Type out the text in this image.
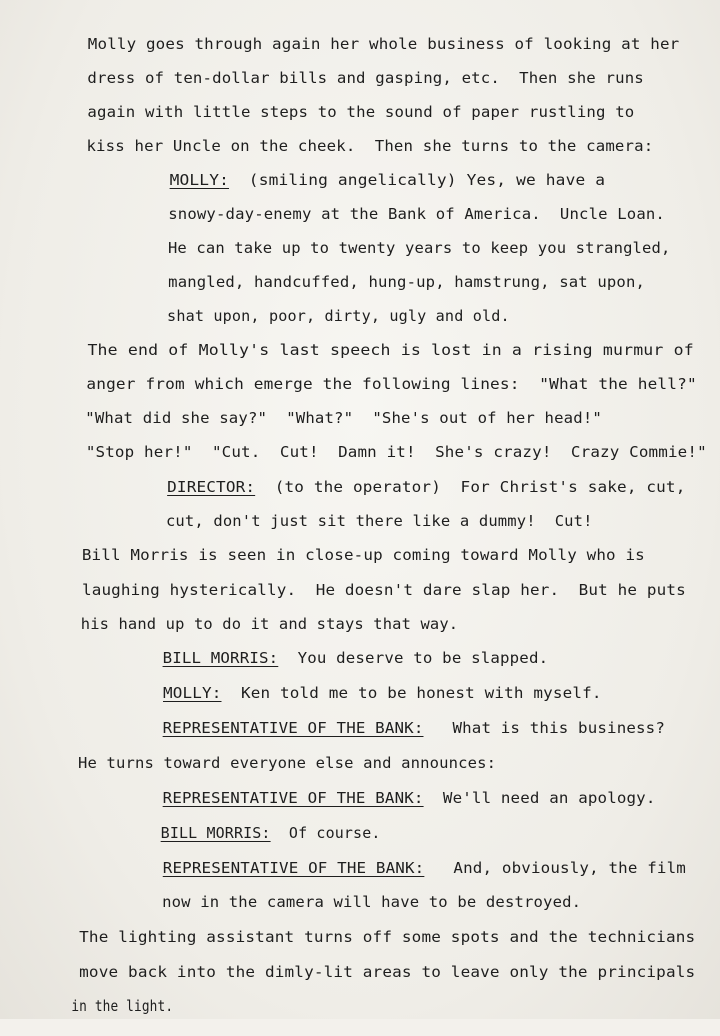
Molly goes through again her whole business of looking at her

dress of ten-dollar bills and gasping, etc.  Then she runs

again with little steps to the sound of paper rustling to

kiss her Uncle on the cheek.  Then she turns to the camera:

MOLLY:  (smiling angelically) Yes, we have a

snowy-day-enemy at the Bank of America.  Uncle Loan.

He can take up to twenty years to keep you strangled,

mangled, handcuffed, hung-up, hamstrung, sat upon,

shat upon, poor, dirty, ugly and old.

The end of Molly's last speech is lost in a rising murmur of

anger from which emerge the following lines:  "What the hell?"

"What did she say?"  "What?"  "She's out of her head!"

"Stop her!"  "Cut.  Cut!  Damn it!  She's crazy!  Crazy Commie!"

DIRECTOR:  (to the operator)  For Christ's sake, cut,

cut, don't just sit there like a dummy!  Cut!

Bill Morris is seen in close-up coming toward Molly who is

laughing hysterically.  He doesn't dare slap her.  But he puts

his hand up to do it and stays that way.

BILL MORRIS:  You deserve to be slapped.

MOLLY:  Ken told me to be honest with myself.

REPRESENTATIVE OF THE BANK:   What is this business?

He turns toward everyone else and announces:

REPRESENTATIVE OF THE BANK:  We'll need an apology.

BILL MORRIS:  Of course.

REPRESENTATIVE OF THE BANK:   And, obviously, the film

now in the camera will have to be destroyed.

The lighting assistant turns off some spots and the technicians

move back into the dimly-lit areas to leave only the principals

in the light.
